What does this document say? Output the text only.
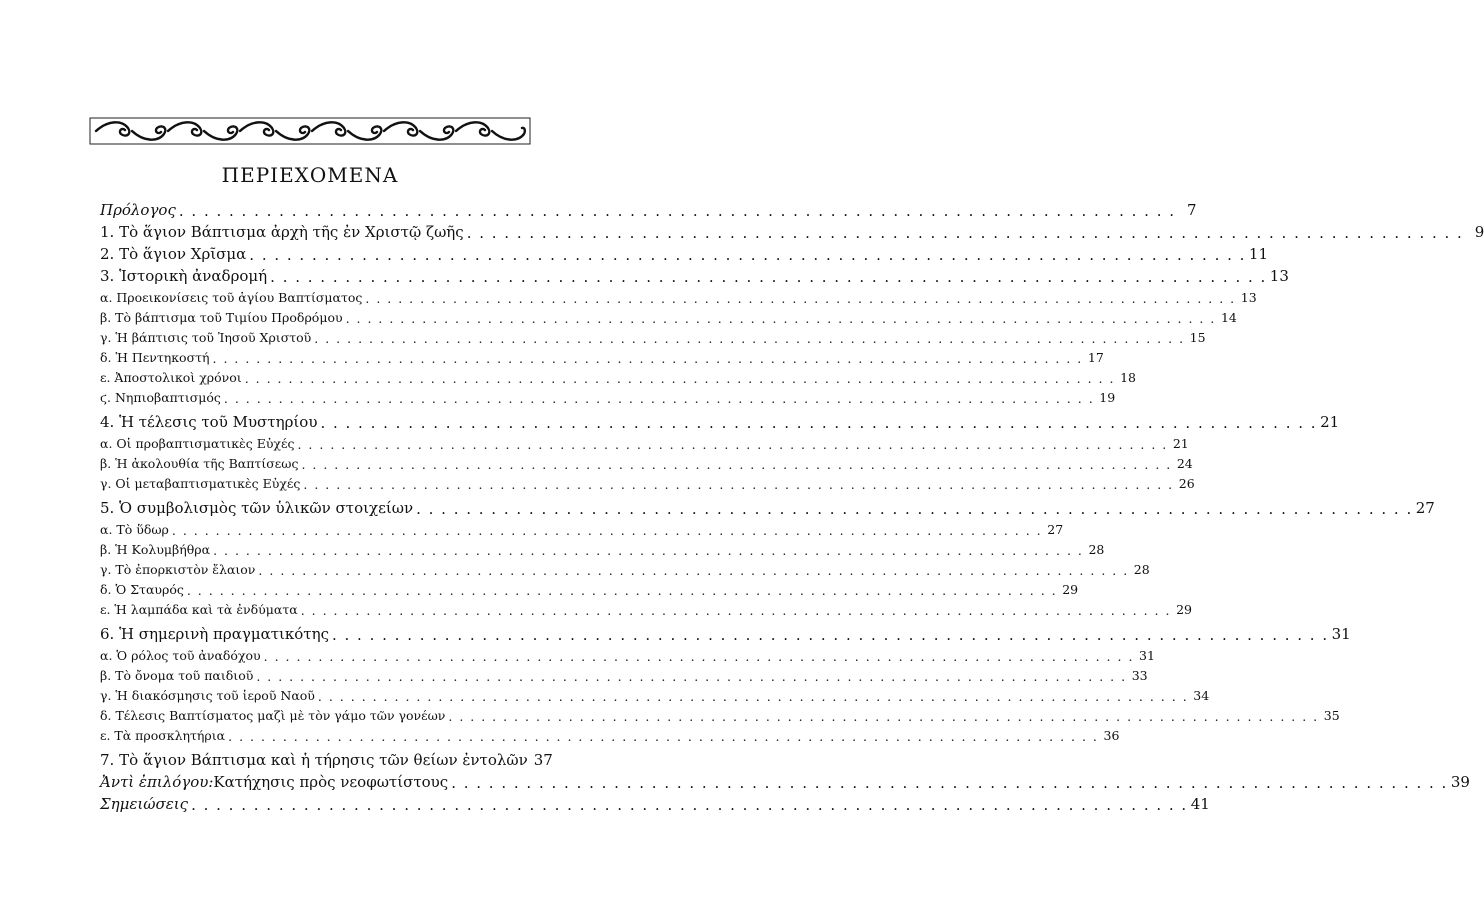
ΠΕΡΙΕΧΟΜΕΝΑ
Πρόλογος . . .	7
1. Τὸ ἅγιον Βάπτισμα ἀρχὴ τῆς ἐν Χριστῷ ζωῆς . . .	9
2. Τὸ ἅγιον Χρῖσμα . . .	11
3. Ἱστορικὴ ἀναδρομή . . .	13
α. Προεικονίσεις τοῦ ἁγίου Βαπτίσματος . . .	13
β. Τὸ βάπτισμα τοῦ Τιμίου Προδρόμου . . .	14
γ. Ἡ βάπτισις τοῦ Ἰησοῦ Χριστοῦ . . .	15
δ. Ἡ Πεντηκοστή . . .	17
ε. Ἀποστολικοὶ χρόνοι . . .	18
ϛ. Νηπιοβαπτισμός . . .	19
4. Ἡ τέλεσις τοῦ Μυστηρίου . . .	21
α. Οἱ προβαπτισματικὲς Εὐχές . . .	21
β. Ἡ ἀκολουθία τῆς Βαπτίσεως . . .	24
γ. Οἱ μεταβαπτισματικὲς Εὐχές . . .	26
5. Ὁ συμβολισμὸς τῶν ὑλικῶν στοιχείων . . .	27
α. Τὸ ὕδωρ . . .	27
β. Ἡ Κολυμβήθρα . . .	28
γ. Τὸ ἐπορκιστὸν ἔλαιον . . .	28
δ. Ὁ Σταυρός . . .	29
ε. Ἡ λαμπάδα καὶ τὰ ἐνδύματα . . .	29
6. Ἡ σημερινὴ πραγματικότης . . .	31
α. Ὁ ρόλος τοῦ ἀναδόχου . . .	31
β. Τὸ ὄνομα τοῦ παιδιοῦ . . .	33
γ. Ἡ διακόσμησις τοῦ ἱεροῦ Ναοῦ . . .	34
δ. Τέλεσις Βαπτίσματος μαζὶ μὲ τὸν γάμο τῶν γονέων . . .	35
ε. Τὰ προσκλητήρια . . .	36
7. Τὸ ἅγιον Βάπτισμα καὶ ἡ τήρησις τῶν θείων ἐντολῶν 37
Ἀντὶ ἐπιλόγου: Κατήχησις πρὸς νεοφωτίστους . . .	39
Σημειώσεις . . .	41
